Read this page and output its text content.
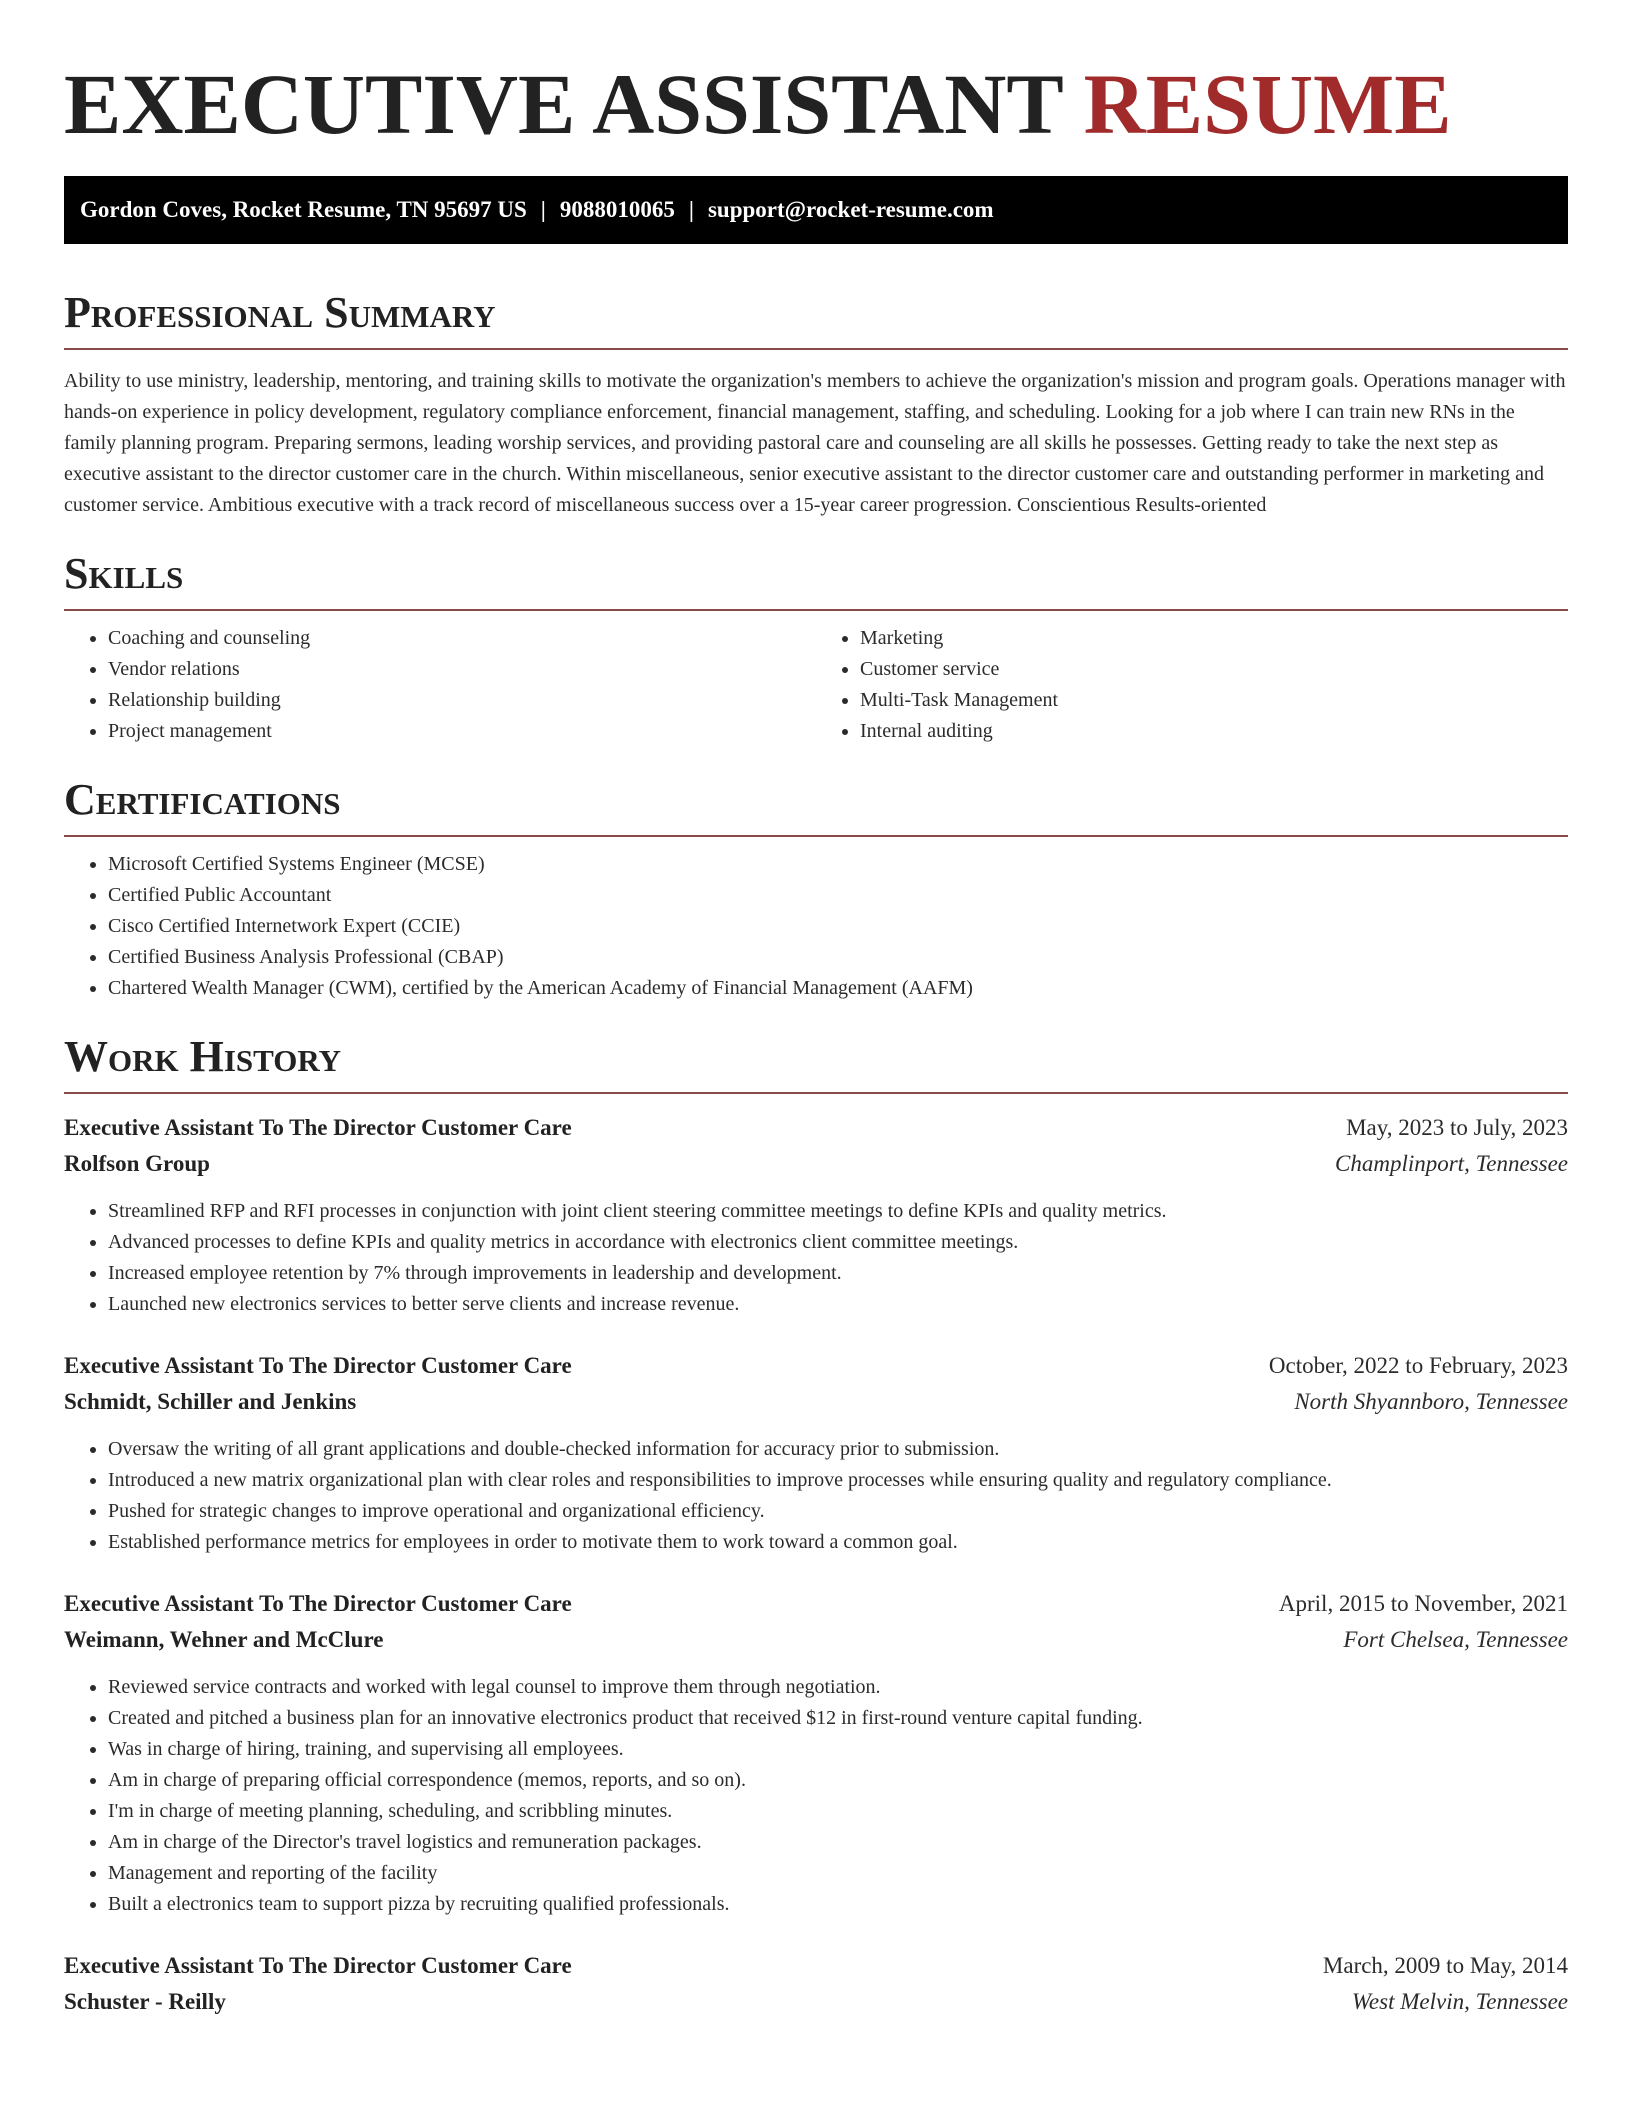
EXECUTIVE ASSISTANT RESUME
Gordon Coves, Rocket Resume, TN 95697 US | 9088010065 | support@rocket-resume.com
Professional Summary

Ability to use ministry, leadership, mentoring, and training skills to motivate the organization's members to achieve the organization's mission and program goals. Operations manager with hands-on experience in policy development, regulatory compliance enforcement, financial management, staffing, and scheduling. Looking for a job where I can train new RNs in the family planning program. Preparing sermons, leading worship services, and providing pastoral care and counseling are all skills he possesses. Getting ready to take the next step as executive assistant to the director customer care in the church. Within miscellaneous, senior executive assistant to the director customer care and outstanding performer in marketing and customer service. Ambitious executive with a track record of miscellaneous success over a 15-year career progression. Conscientious Results-oriented

Skills
• Coaching and counseling
• Vendor relations
• Relationship building
• Project management
• Marketing
• Customer service
• Multi-Task Management
• Internal auditing
Certifications
• Microsoft Certified Systems Engineer (MCSE)
• Certified Public Accountant
• Cisco Certified Internetwork Expert (CCIE)
• Certified Business Analysis Professional (CBAP)
• Chartered Wealth Manager (CWM), certified by the American Academy of Financial Management (AAFM)
Work History
Executive Assistant To The Director Customer Care	May, 2023 to July, 2023
Rolfson Group	Champlinport, Tennessee
• Streamlined RFP and RFI processes in conjunction with joint client steering committee meetings to define KPIs and quality metrics.
• Advanced processes to define KPIs and quality metrics in accordance with electronics client committee meetings.
• Increased employee retention by 7% through improvements in leadership and development.
• Launched new electronics services to better serve clients and increase revenue.
Executive Assistant To The Director Customer Care	October, 2022 to February, 2023
Schmidt, Schiller and Jenkins	North Shyannboro, Tennessee
• Oversaw the writing of all grant applications and double-checked information for accuracy prior to submission.
• Introduced a new matrix organizational plan with clear roles and responsibilities to improve processes while ensuring quality and regulatory compliance.
• Pushed for strategic changes to improve operational and organizational efficiency.
• Established performance metrics for employees in order to motivate them to work toward a common goal.
Executive Assistant To The Director Customer Care	April, 2015 to November, 2021
Weimann, Wehner and McClure	Fort Chelsea, Tennessee
• Reviewed service contracts and worked with legal counsel to improve them through negotiation.
• Created and pitched a business plan for an innovative electronics product that received $12 in first-round venture capital funding.
• Was in charge of hiring, training, and supervising all employees.
• Am in charge of preparing official correspondence (memos, reports, and so on).
• I'm in charge of meeting planning, scheduling, and scribbling minutes.
• Am in charge of the Director's travel logistics and remuneration packages.
• Management and reporting of the facility
• Built a electronics team to support pizza by recruiting qualified professionals.
Executive Assistant To The Director Customer Care	March, 2009 to May, 2014
Schuster - Reilly	West Melvin, Tennessee
